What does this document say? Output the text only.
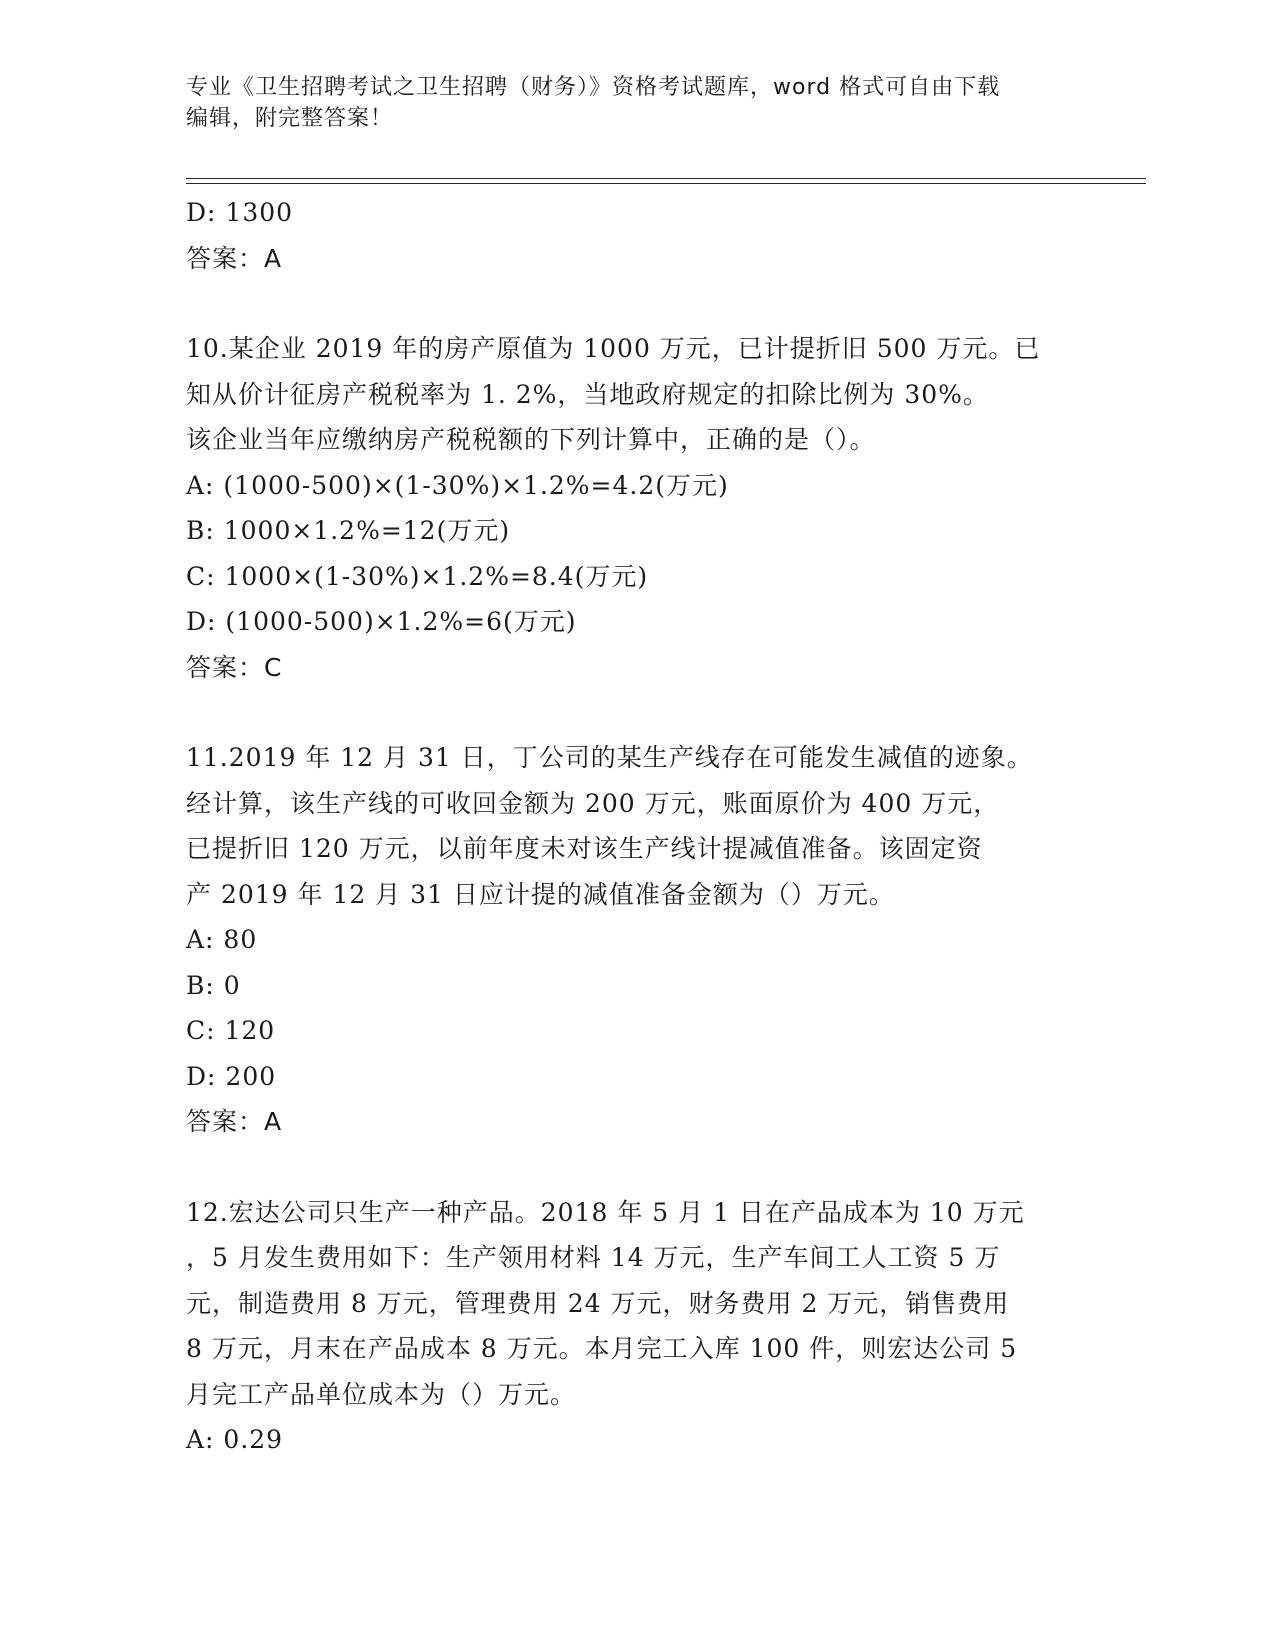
专业《卫生招聘考试之卫生招聘（财务）》资格考试题库，word 格式可自由下载
编辑，附完整答案！
D: 1300
答案：A
10.某企业 2019 年的房产原值为 1000 万元，已计提折旧 500 万元。已
知从价计征房产税税率为 1. 2%，当地政府规定的扣除比例为 30%。
该企业当年应缴纳房产税税额的下列计算中，正确的是（）。
A: (1000-500)×(1-30%)×1.2%=4.2(万元)
B: 1000×1.2%=12(万元)
C: 1000×(1-30%)×1.2%=8.4(万元)
D: (1000-500)×1.2%=6(万元)
答案：C
11.2019 年 12 月 31 日，丁公司的某生产线存在可能发生减值的迹象。
经计算，该生产线的可收回金额为 200 万元，账面原价为 400 万元，
已提折旧 120 万元，以前年度未对该生产线计提减值准备。该固定资
产 2019 年 12 月 31 日应计提的减值准备金额为（）万元。
A: 80
B: 0
C: 120
D: 200
答案：A
12.宏达公司只生产一种产品。2018 年 5 月 1 日在产品成本为 10 万元
，5 月发生费用如下：生产领用材料 14 万元，生产车间工人工资 5 万
元，制造费用 8 万元，管理费用 24 万元，财务费用 2 万元，销售费用
8 万元，月末在产品成本 8 万元。本月完工入库 100 件，则宏达公司 5
月完工产品单位成本为（）万元。
A: 0.29
